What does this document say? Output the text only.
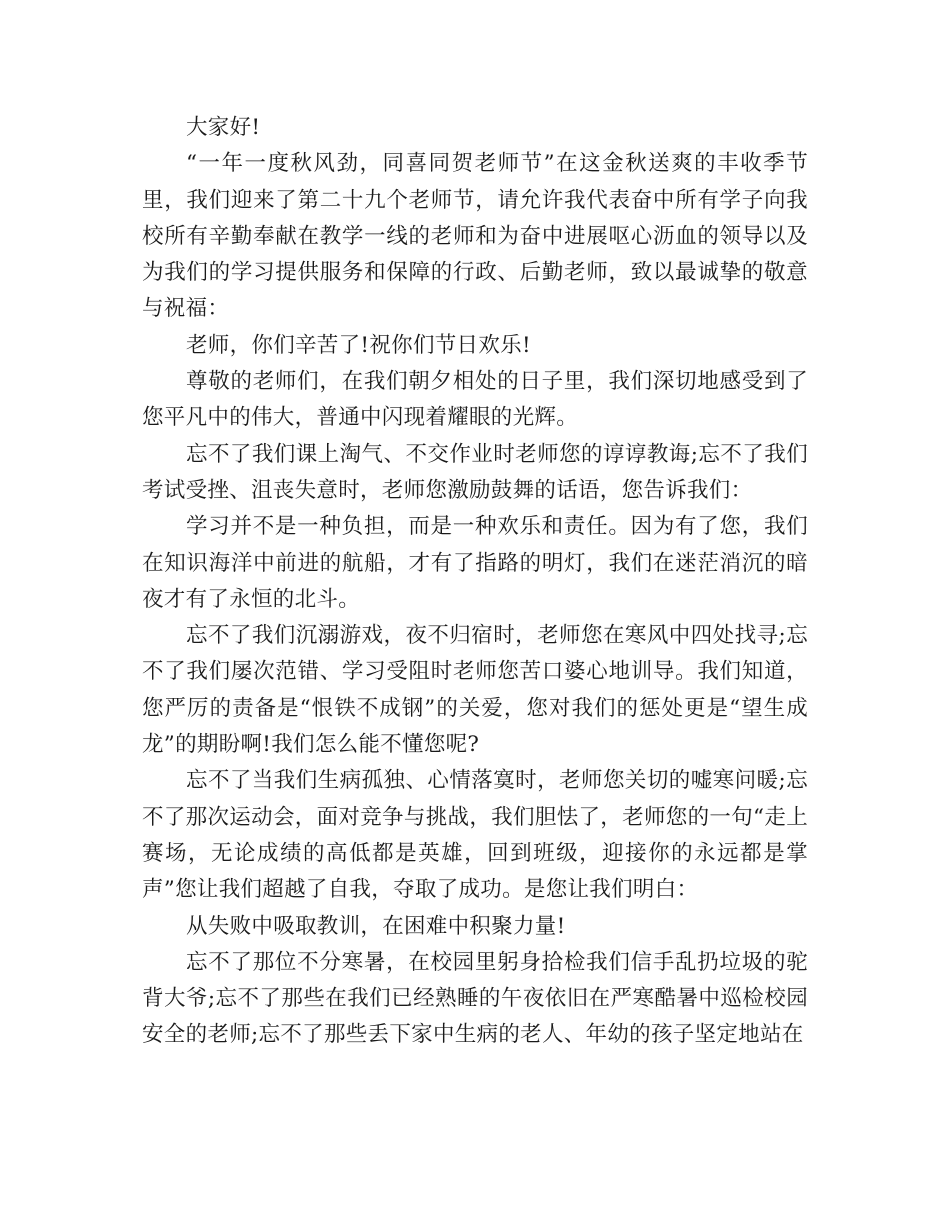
大家好!

“一年一度秋风劲，同喜同贺老师节”在这金秋送爽的丰收季节里，我们迎来了第二十九个老师节，请允许我代表奋中所有学子向我校所有辛勤奉献在教学一线的老师和为奋中进展呕心沥血的领导以及为我们的学习提供服务和保障的行政、后勤老师，致以最诚挚的敬意与祝福：

老师，你们辛苦了!祝你们节日欢乐!

尊敬的老师们，在我们朝夕相处的日子里，我们深切地感受到了您平凡中的伟大，普通中闪现着耀眼的光辉。

忘不了我们课上淘气、不交作业时老师您的谆谆教诲;忘不了我们考试受挫、沮丧失意时，老师您激励鼓舞的话语，您告诉我们：

学习并不是一种负担，而是一种欢乐和责任。因为有了您，我们在知识海洋中前进的航船，才有了指路的明灯，我们在迷茫消沉的暗夜才有了永恒的北斗。

忘不了我们沉溺游戏，夜不归宿时，老师您在寒风中四处找寻;忘不了我们屡次范错、学习受阻时老师您苦口婆心地训导。我们知道，您严厉的责备是“恨铁不成钢”的关爱，您对我们的惩处更是“望生成龙”的期盼啊!我们怎么能不懂您呢?

忘不了当我们生病孤独、心情落寞时，老师您关切的嘘寒问暖;忘不了那次运动会，面对竞争与挑战，我们胆怯了，老师您的一句“走上赛场，无论成绩的高低都是英雄，回到班级，迎接你的永远都是掌声”您让我们超越了自我，夺取了成功。是您让我们明白：

从失败中吸取教训，在困难中积聚力量!

忘不了那位不分寒暑，在校园里躬身拾检我们信手乱扔垃圾的驼背大爷;忘不了那些在我们已经熟睡的午夜依旧在严寒酷暑中巡检校园安全的老师;忘不了那些丢下家中生病的老人、年幼的孩子坚定地站在
